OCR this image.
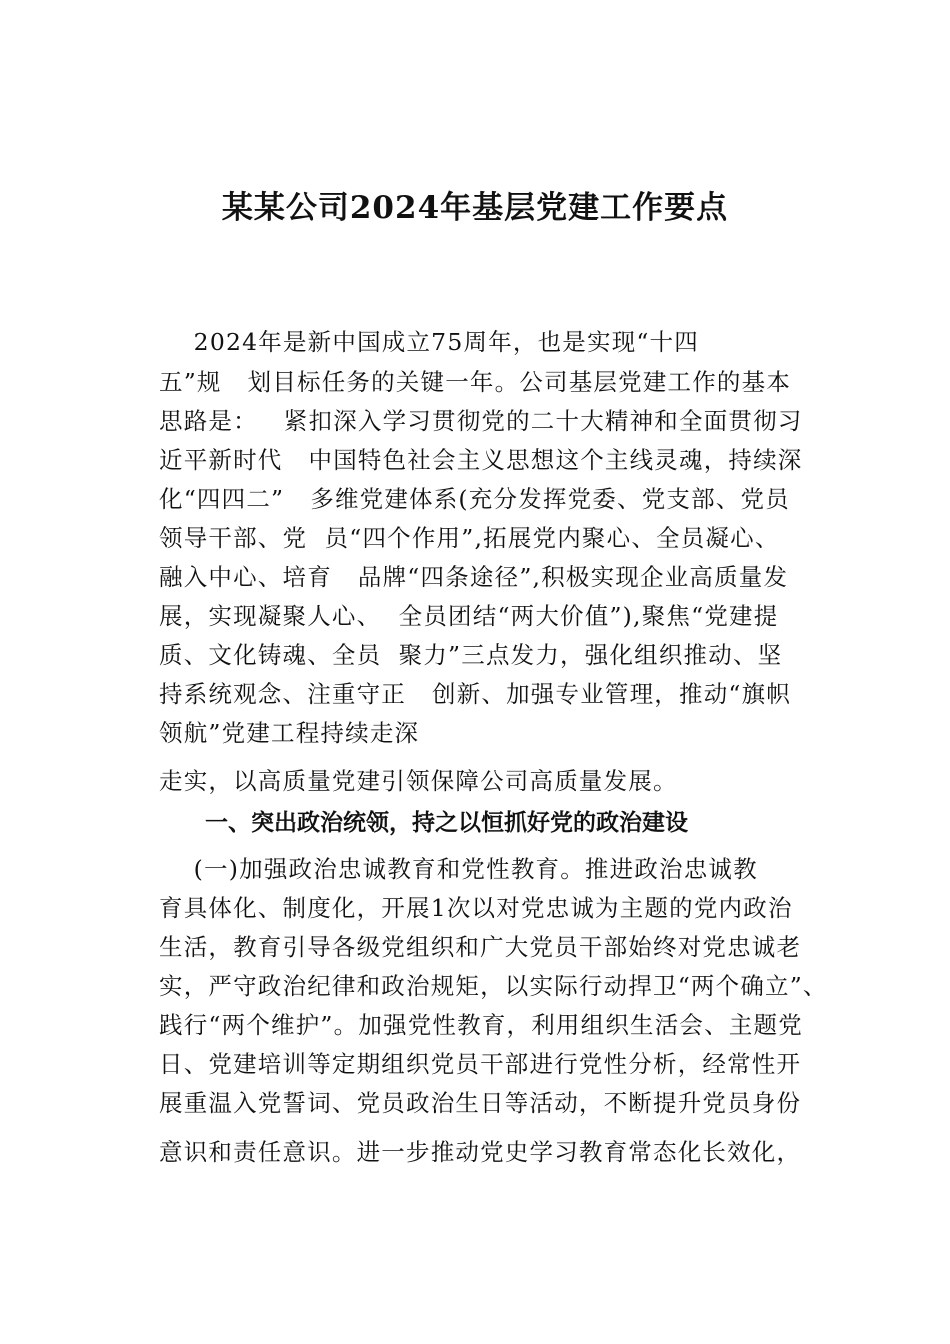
某某公司2024年基层党建工作要点

2024年是新中国成立75周年，也是实现“十四

五”规   划目标任务的关键一年。公司基层党建工作的基本

思路是：   紧扣深入学习贯彻党的二十大精神和全面贯彻习

近平新时代   中国特色社会主义思想这个主线灵魂，持续深

化“四四二”   多维党建体系(充分发挥党委、党支部、党员

领导干部、党  员“四个作用”,拓展党内聚心、全员凝心、

融入中心、培育   品牌“四条途径”,积极实现企业高质量发

展，实现凝聚人心、  全员团结“两大价值”),聚焦“党建提

质、文化铸魂、全员  聚力”三点发力，强化组织推动、坚

持系统观念、注重守正   创新、加强专业管理，推动“旗帜

领航”党建工程持续走深

走实，以高质量党建引领保障公司高质量发展。

一、突出政治统领，持之以恒抓好党的政治建设

(一)加强政治忠诚教育和党性教育。推进政治忠诚教

育具体化、制度化，开展1次以对党忠诚为主题的党内政治

生活，教育引导各级党组织和广大党员干部始终对党忠诚老

实，严守政治纪律和政治规矩，以实际行动捍卫“两个确立”、

践行“两个维护”。加强党性教育，利用组织生活会、主题党

日、党建培训等定期组织党员干部进行党性分析，经常性开

展重温入党誓词、党员政治生日等活动，不断提升党员身份

意识和责任意识。进一步推动党史学习教育常态化长效化，
